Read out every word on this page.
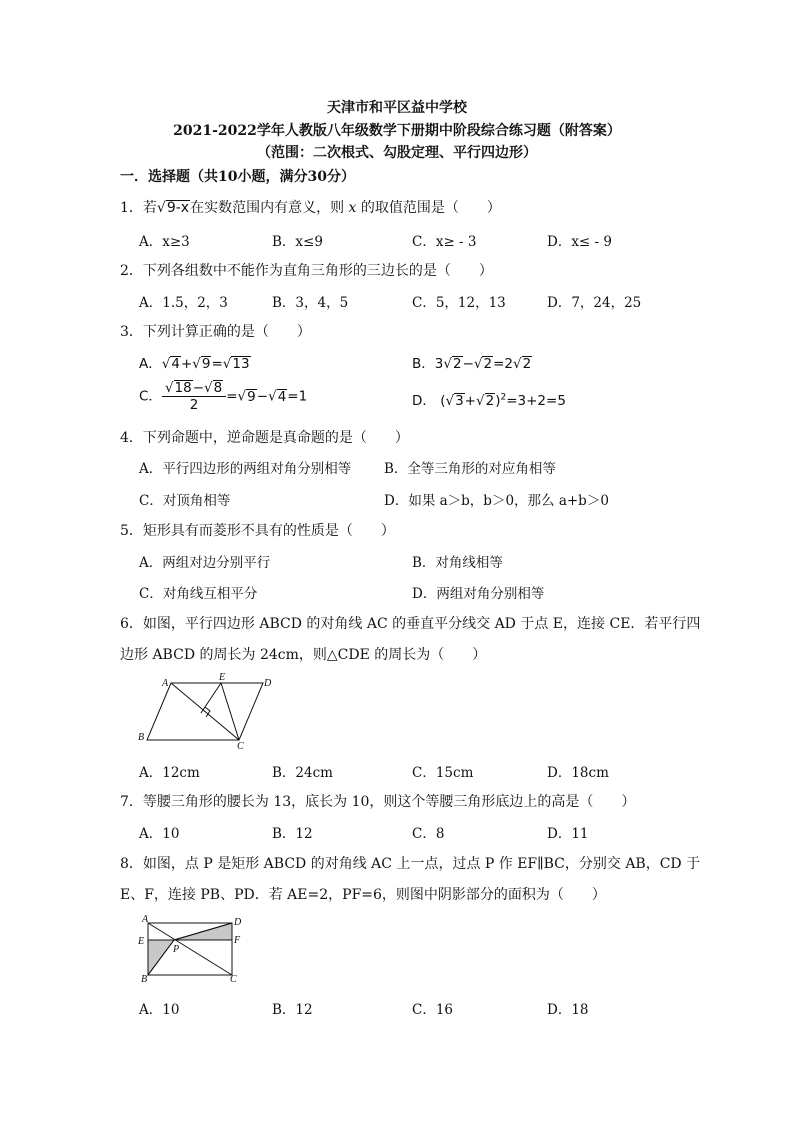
天津市和平区益中学校
2021-2022学年人教版八年级数学下册期中阶段综合练习题（附答案）
（范围：二次根式、勾股定理、平行四边形）
一．选择题（共10小题，满分30分）
1．若√9-x在实数范围内有意义，则 x 的取值范围是（　　）
A．x≥3	B．x≤9	C．x≥ - 3	D．x≤ - 9
2．下列各组数中不能作为直角三角形的三边长的是（　　）
A．1.5，2，3	B．3，4，5	C．5，12，13	D．7，24，25
3．下列计算正确的是（　　）
A．√4+√9=√13	B．3√2−√2=2√2
C． $\frac{√18-√8}{2} =√9-√4=1$	D． $(√3+√2)^2=3+2=5$
4．下列命题中，逆命题是真命题的是（　　）
A．平行四边形的两组对角分别相等 B．全等三角形的对应角相等
C．对顶角相等	D．如果 a＞b，b＞0，那么 a+b＞0
5．矩形具有而菱形不具有的性质是（　　）
A．两组对边分别平行	B．对角线相等
C．对角线互相平分	D．两组对角分别相等
6．如图，平行四边形 ABCD 的对角线 AC 的垂直平分线交 AD 于点 E，连接 CE．若平行四
边形 ABCD 的周长为 24cm，则△CDE 的周长为（　　）
A
E
D
B
C
A．12cm	B．24cm	C．15cm	D．18cm
7．等腰三角形的腰长为 13，底长为 10，则这个等腰三角形底边上的高是（　　）
A．10	B．12	C．8	D．11
8．如图，点 P 是矩形 ABCD 的对角线 AC 上一点，过点 P 作 EF∥BC，分别交 AB，CD 于
E、F，连接 PB、PD．若 AE=2，PF=6，则图中阴影部分的面积为（　　）
A	D
E
P
F
B	C
A．10	B．12	C．16	D．18
